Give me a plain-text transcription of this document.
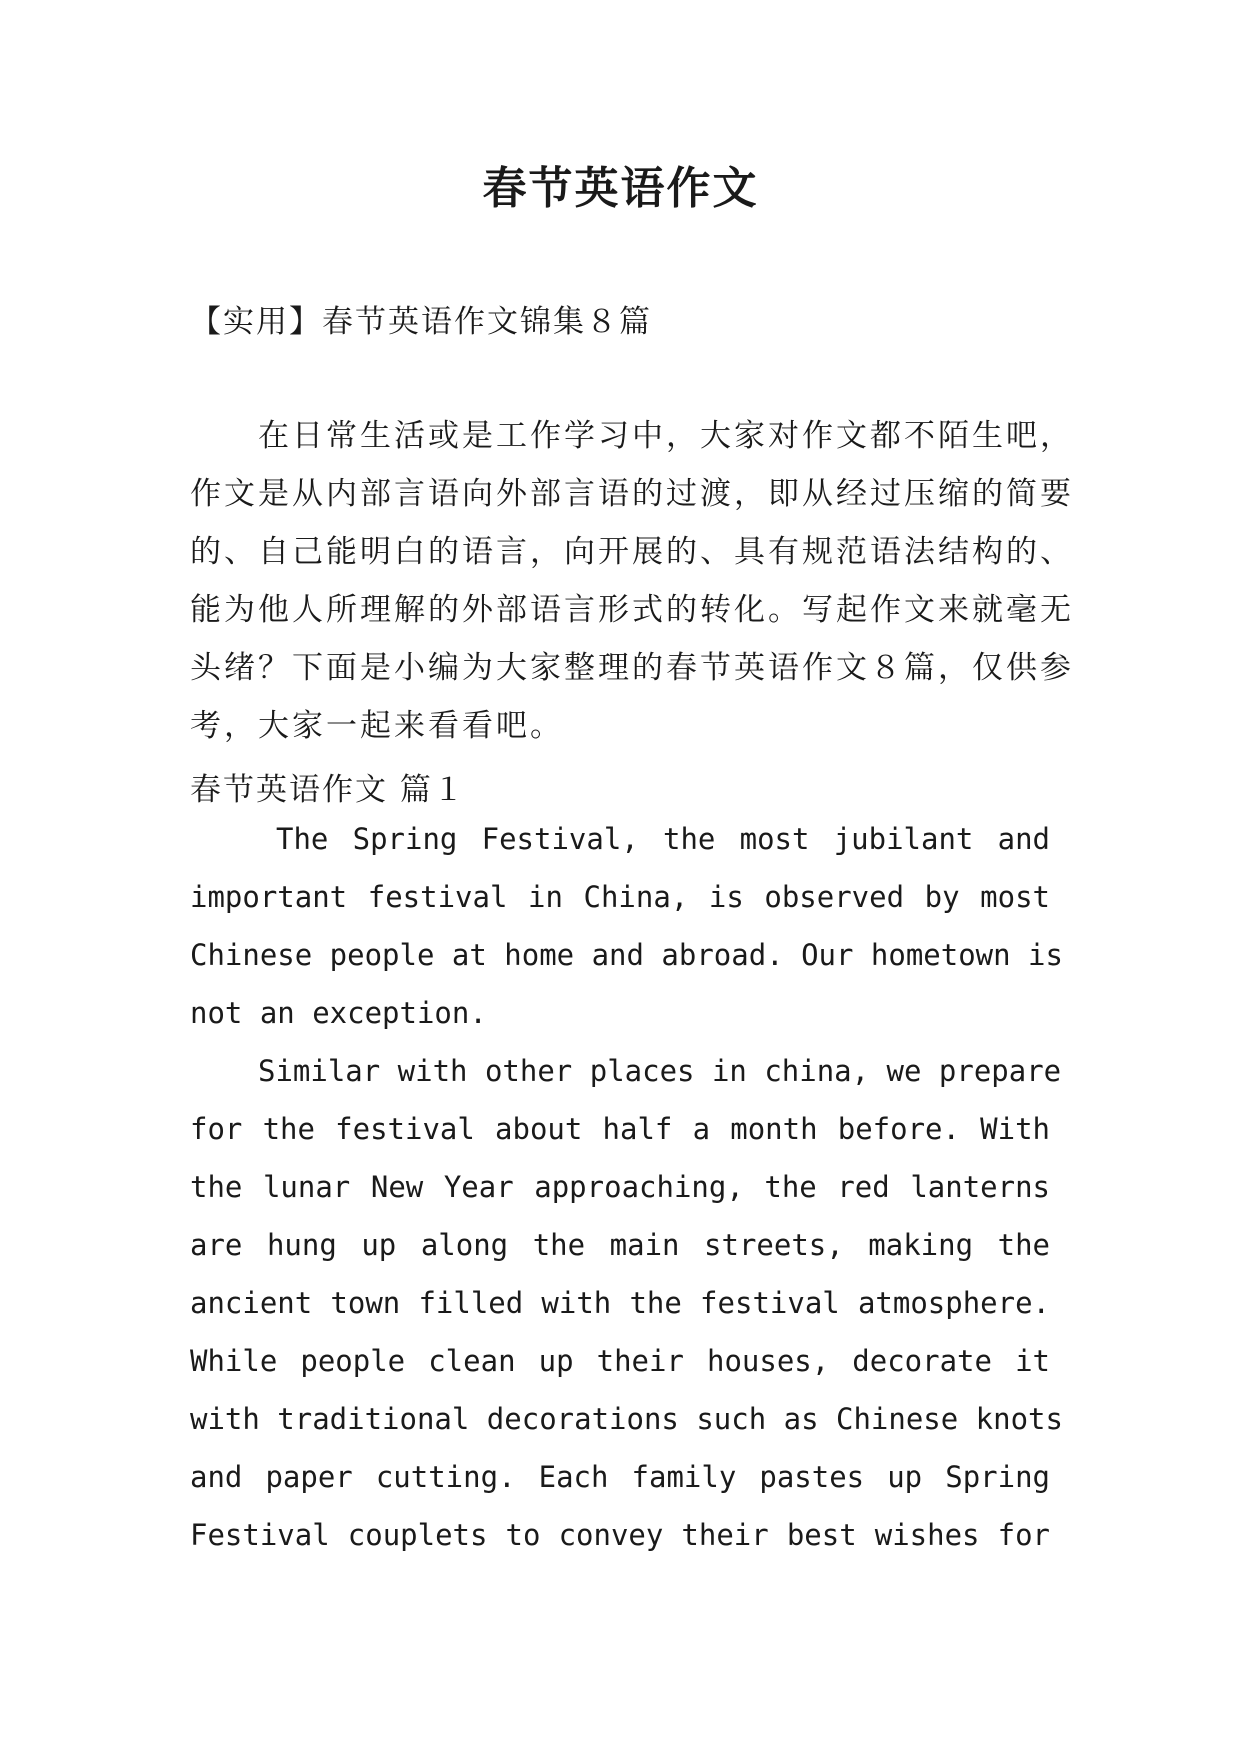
春节英语作文

【实用】春节英语作文锦集８篇

在日常生活或是工作学习中，大家对作文都不陌生吧，

作文是从内部言语向外部言语的过渡，即从经过压缩的简要

的、自己能明白的语言，向开展的、具有规范语法结构的、

能为他人所理解的外部语言形式的转化。写起作文来就毫无

头绪？下面是小编为大家整理的春节英语作文８篇，仅供参

考，大家一起来看看吧。

春节英语作文 篇１

The Spring Festival, the most jubilant and

important festival in China, is observed by most

Chinese people at home and abroad. Our hometown is

not an exception.

Similar with other places in china, we prepare

for the festival about half a month before. With

the lunar New Year approaching, the red lanterns

are hung up along the main streets, making the

ancient town filled with the festival atmosphere.

While people clean up their houses, decorate it

with traditional decorations such as Chinese knots

and paper cutting. Each family pastes up Spring

Festival couplets to convey their best wishes for
